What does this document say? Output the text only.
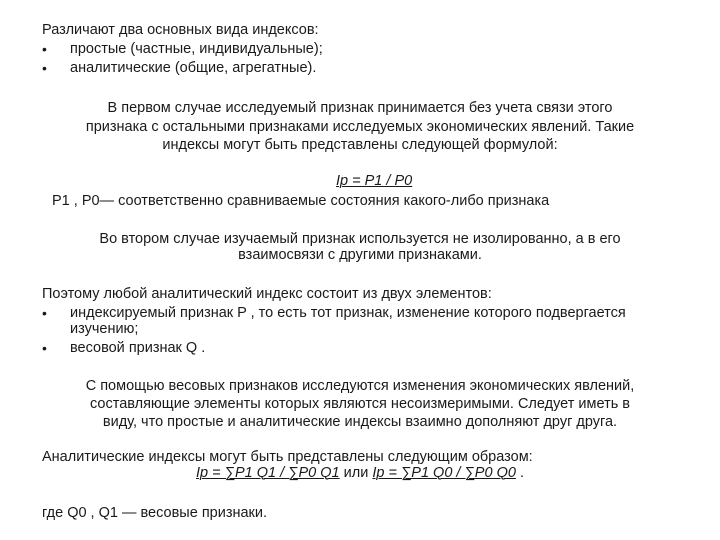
Различают два основных вида индексов:
• простые (частные, индивидуальные);
• аналитические (общие, агрегатные).
В первом случае исследуемый признак принимается без учета связи этого
признака с остальными признаками исследуемых экономических явлений. Такие
индексы могут быть представлены следующей формулой:
Ip = P1 / P0
P1 , P0— соответственно сравниваемые состояния какого-либо признака
Во втором случае изучаемый признак используется не изолированно, а в его
взаимосвязи с другими признаками.
Поэтому любой аналитический индекс состоит из двух элементов:
• индексируемый признак P , то есть тот признак, изменение которого подвергается
изучению;
• весовой признак Q .
С помощью весовых признаков исследуются изменения экономических явлений,
составляющие элементы которых являются несоизмеримыми. Следует иметь в
виду, что простые и аналитические индексы взаимно дополняют друг друга.
Аналитические индексы могут быть представлены следующим образом:
Ip = ∑P1 Q1 / ∑P0 Q1 или Ip = ∑P1 Q0 / ∑P0 Q0 .
где Q0 , Q1 — весовые признаки.
